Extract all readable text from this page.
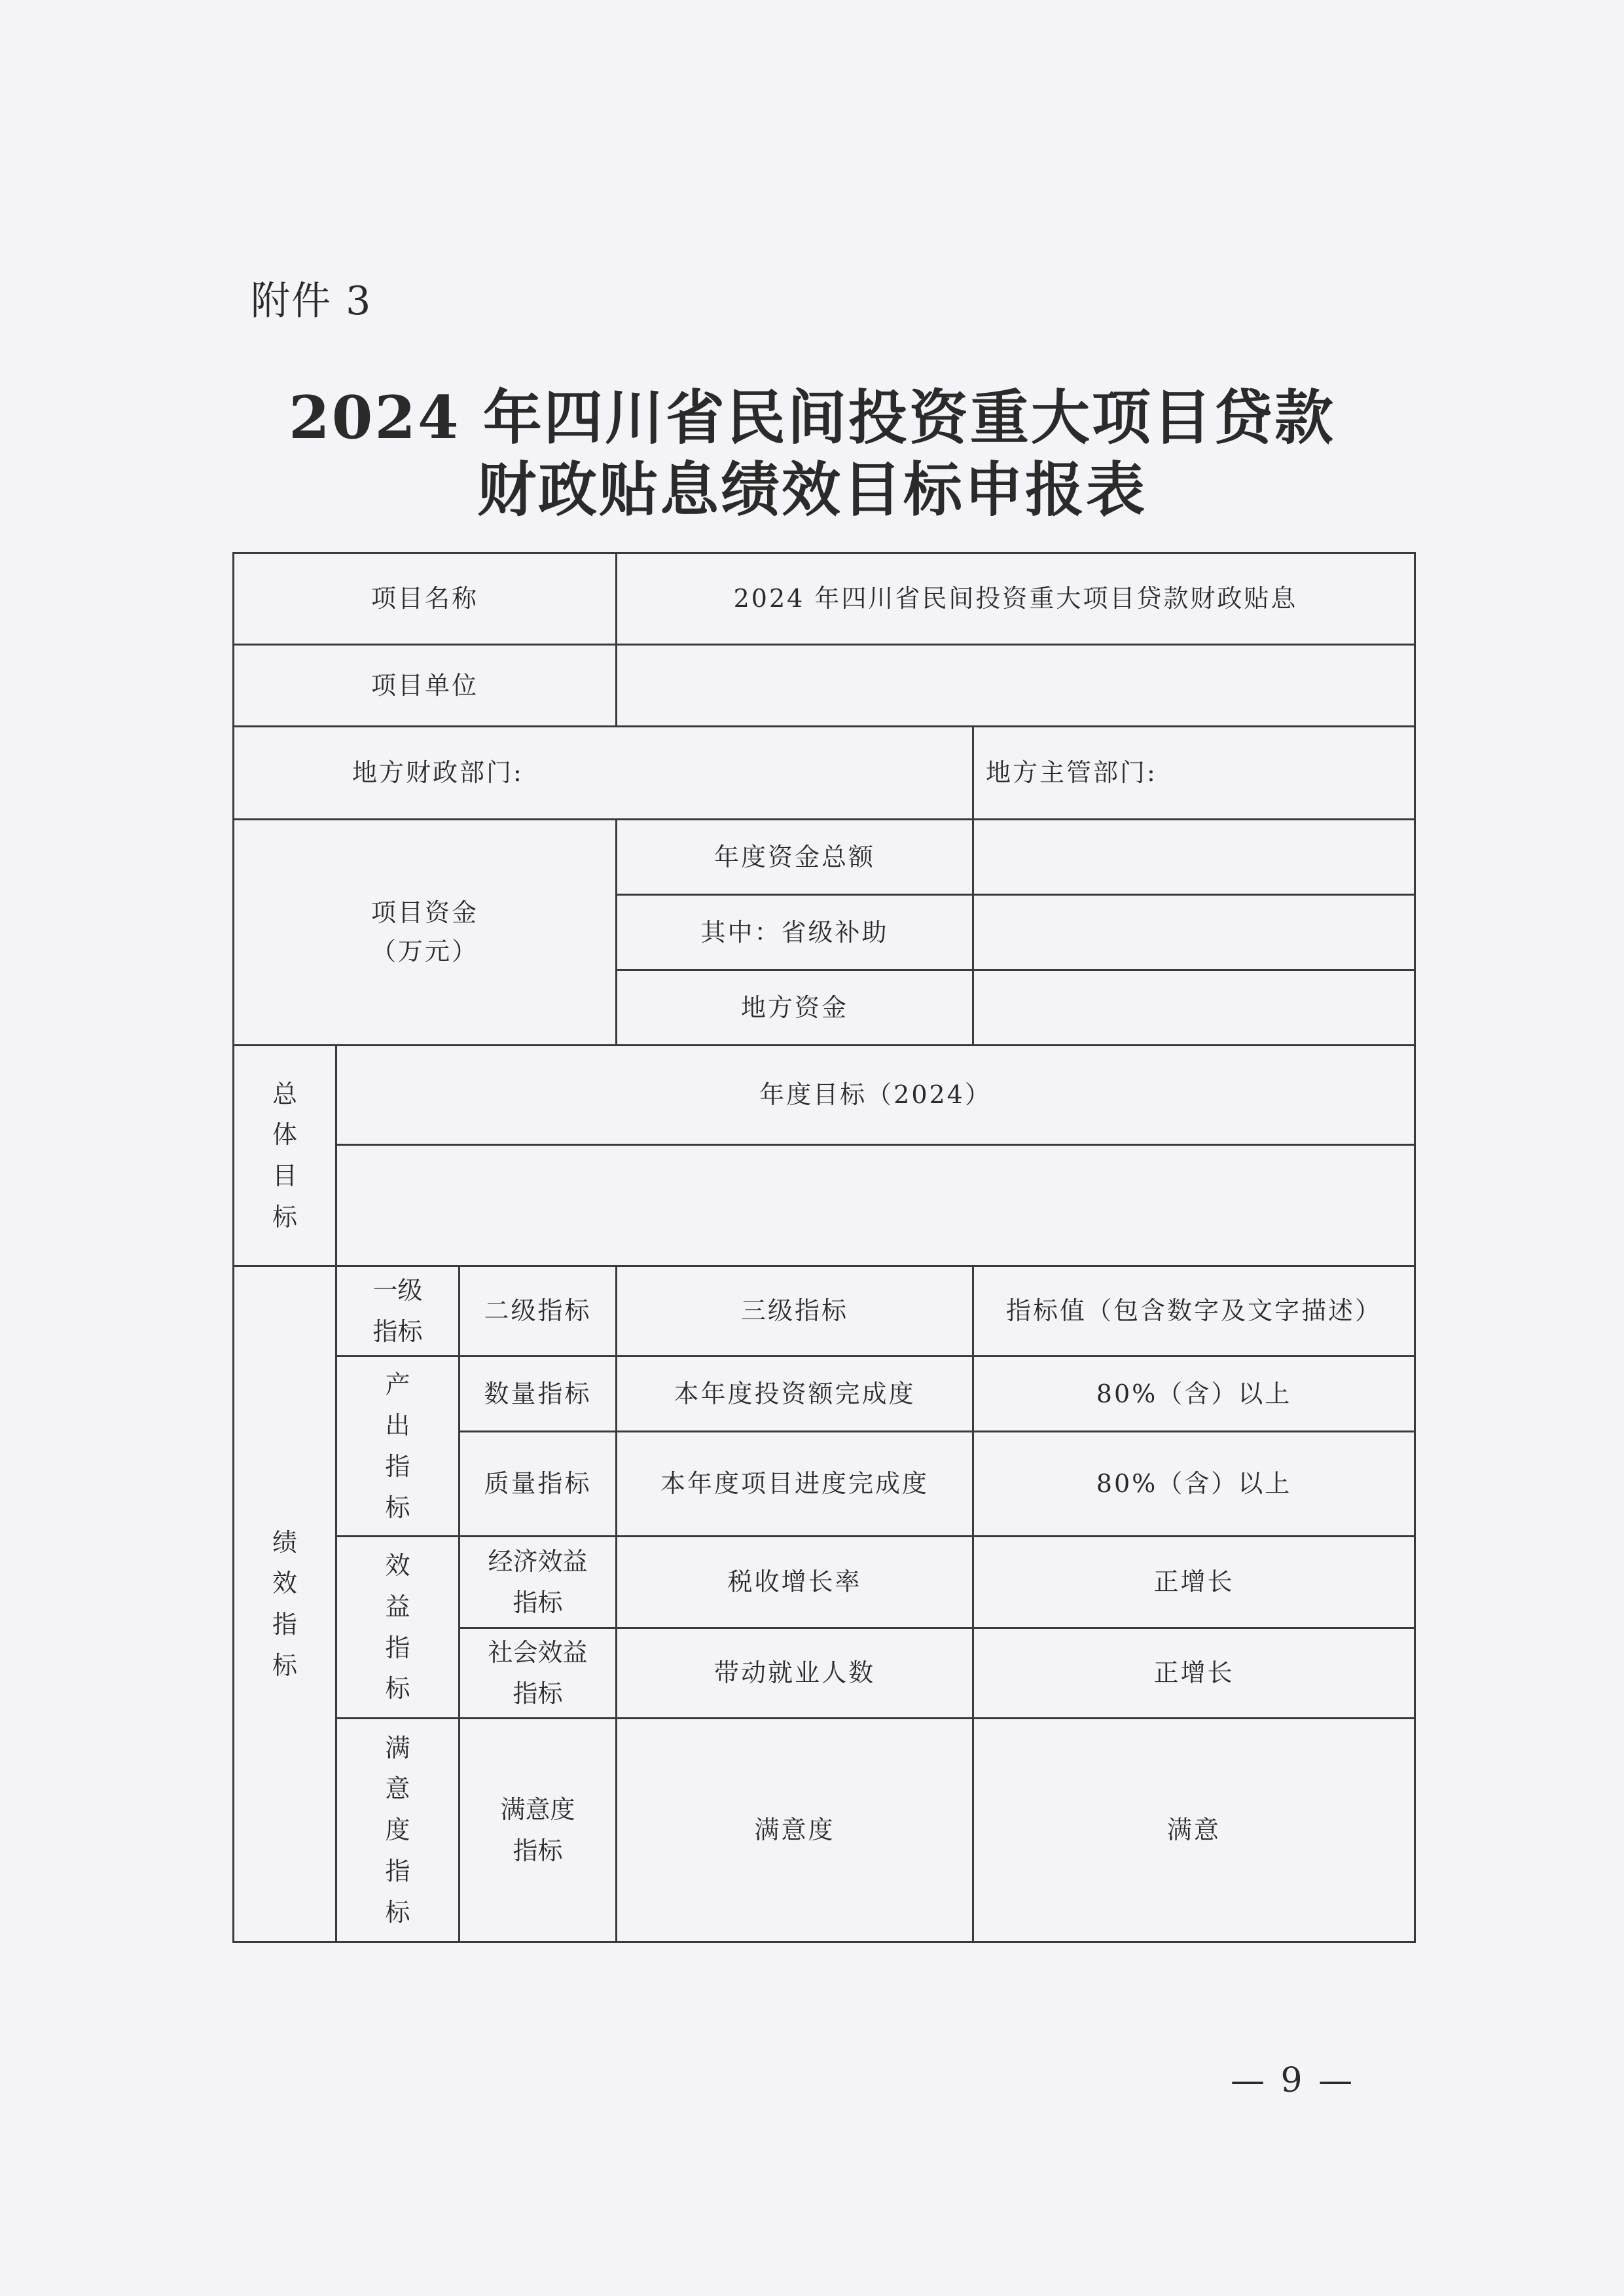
附件 3
2024 年四川省民间投资重大项目贷款
财政贴息绩效目标申报表
项目名称			2024 年四川省民间投资重大项目贷款财政贴息	
项目单位				
地方财政部门:				地方主管部门:

项目资金
（万元）			年度资金总额	
			其中：省级补助	
			地方资金	
总体目标	年度目标（2024）			

绩效指标	一级指标	二级指标	三级指标	指标值（包含数字及文字描述）
	产出指标	数量指标	本年度投资额完成度	80%（含）以上
		质量指标	本年度项目进度完成度	80%（含）以上
	效益指标	经济效益指标	税收增长率	正增长
		社会效益指标	带动就业人数	正增长
	满意度指标	满意度指标	满意度	满意
— 9 —
